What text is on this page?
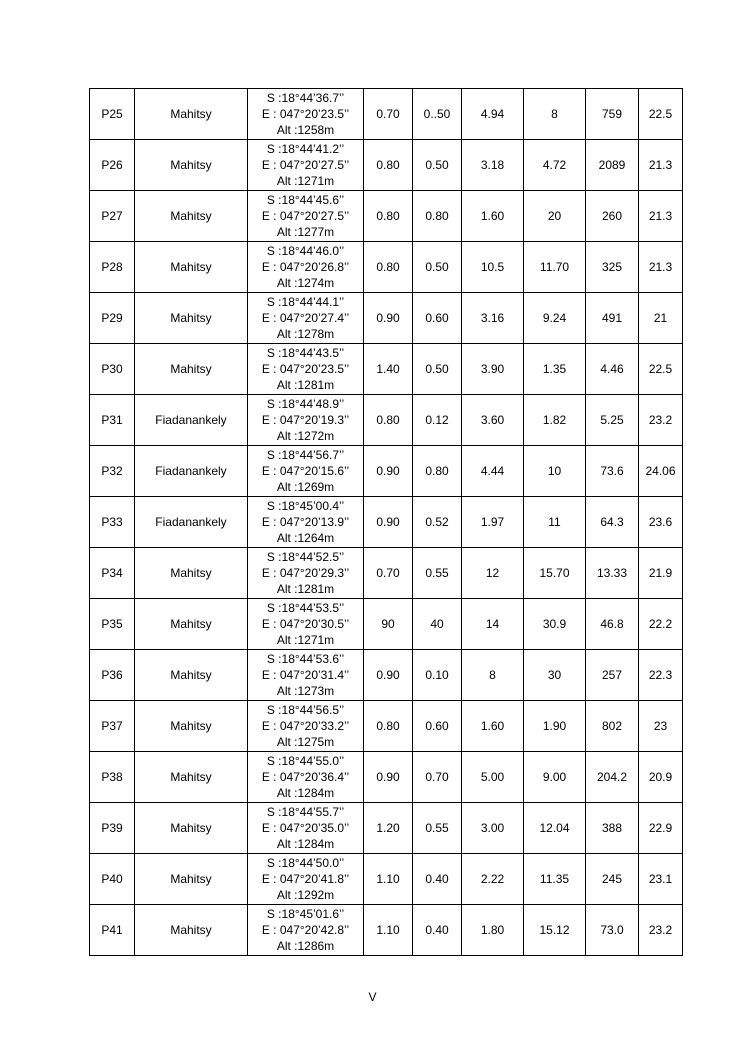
P25	Mahitsy	S :18°44’36.7’’
E : 047°20’23.5’’
Alt :1258m	0.70	0..50	4.94	8	759	22.5
P26	Mahitsy	S :18°44’41.2’’
E : 047°20’27.5’’
Alt :1271m	0.80	0.50	3.18	4.72	2089	21.3
P27	Mahitsy	S :18°44’45.6’’
E : 047°20’27.5’’
Alt :1277m	0.80	0.80	1.60	20	260	21.3
P28	Mahitsy	S :18°44’46.0’’
E : 047°20’26.8’’
Alt :1274m	0.80	0.50	10.5	11.70	325	21.3
P29	Mahitsy	S :18°44’44.1’’
E : 047°20’27.4’’
Alt :1278m	0.90	0.60	3.16	9.24	491	21
P30	Mahitsy	S :18°44’43.5’’
E : 047°20’23.5’’
Alt :1281m	1.40	0.50	3.90	1.35	4.46	22.5
P31	Fiadanankely	S :18°44’48.9’’
E : 047°20’19.3’’
Alt :1272m	0.80	0.12	3.60	1.82	5.25	23.2
P32	Fiadanankely	S :18°44’56.7’’
E : 047°20’15.6’’
Alt :1269m	0.90	0.80	4.44	10	73.6	24.06
P33	Fiadanankely	S :18°45’00.4’’
E : 047°20’13.9’’
Alt :1264m	0.90	0.52	1.97	11	64.3	23.6
P34	Mahitsy	S :18°44’52.5’’
E : 047°20’29.3’’
Alt :1281m	0.70	0.55	12	15.70	13.33	21.9
P35	Mahitsy	S :18°44’53.5’’
E : 047°20’30.5’’
Alt :1271m	90	40	14	30.9	46.8	22.2
P36	Mahitsy	S :18°44’53.6’’
E : 047°20’31.4’’
Alt :1273m	0.90	0.10	8	30	257	22.3
P37	Mahitsy	S :18°44’56.5’’
E : 047°20’33.2’’
Alt :1275m	0.80	0.60	1.60	1.90	802	23
P38	Mahitsy	S :18°44’55.0’’
E : 047°20’36.4’’
Alt :1284m	0.90	0.70	5.00	9.00	204.2	20.9
P39	Mahitsy	S :18°44’55.7’’
E : 047°20’35.0’’
Alt :1284m	1.20	0.55	3.00	12.04	388	22.9
P40	Mahitsy	S :18°44’50.0’’
E : 047°20’41.8’’
Alt :1292m	1.10	0.40	2.22	11.35	245	23.1
P41	Mahitsy	S :18°45’01.6’’
E : 047°20’42.8’’
Alt :1286m	1.10	0.40	1.80	15.12	73.0	23.2
V
